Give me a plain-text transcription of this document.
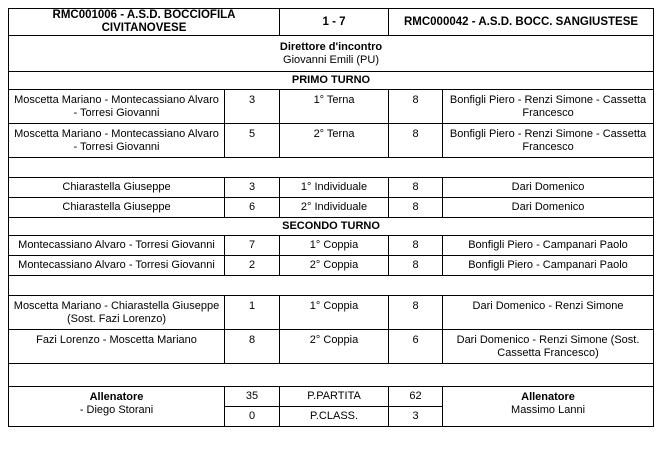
RMC001006 - A.S.D. BOCCIOFILA CIVITANOVESE		1 - 7	RMC000042 - A.S.D. BOCC. SANGIUSTESE	

Direttore d'incontro
Giovanni Emili (PU)				

PRIMO TURNO				
Moscetta Mariano - Montecassiano Alvaro - Torresi Giovanni	3	1° Terna	8	Bonfigli Piero - Renzi Simone - Cassetta Francesco
Moscetta Mariano - Montecassiano Alvaro - Torresi Giovanni	5	2° Terna	8	Bonfigli Piero - Renzi Simone - Cassetta Francesco

Chiarastella Giuseppe	3	1° Individuale	8	Dari Domenico
Chiarastella Giuseppe	6	2° Individuale	8	Dari Domenico
SECONDO TURNO				
Montecassiano Alvaro - Torresi Giovanni	7	1° Coppia	8	Bonfigli Piero - Campanari Paolo
Montecassiano Alvaro - Torresi Giovanni	2	2° Coppia	8	Bonfigli Piero - Campanari Paolo

Moscetta Mariano - Chiarastella Giuseppe (Sost. Fazi Lorenzo)	1	1° Coppia	8	Dari Domenico - Renzi Simone
Fazi Lorenzo - Moscetta Mariano	8	2° Coppia	6	Dari Domenico - Renzi Simone (Sost. Cassetta Francesco)

Allenatore
- Diego Storani	35	P.PARTITA	62	Allenatore
Massimo Lanni

	0	P.CLASS.	3	
